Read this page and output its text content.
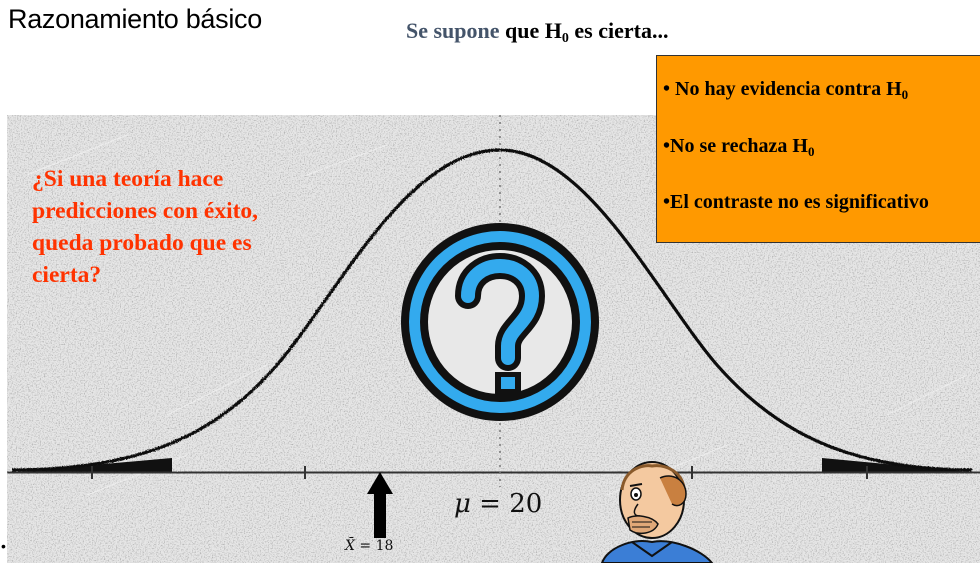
Razonamiento básico	Se supone que $H_0$ es cierta...
¿Si una teoría hace
predicciones con éxito,
queda probado que es
cierta?
• No hay evidencia contra $H_0$
•No se rechaza $H_0$
•El contraste no es significativo
μ = 20
X̄ = 18
•
